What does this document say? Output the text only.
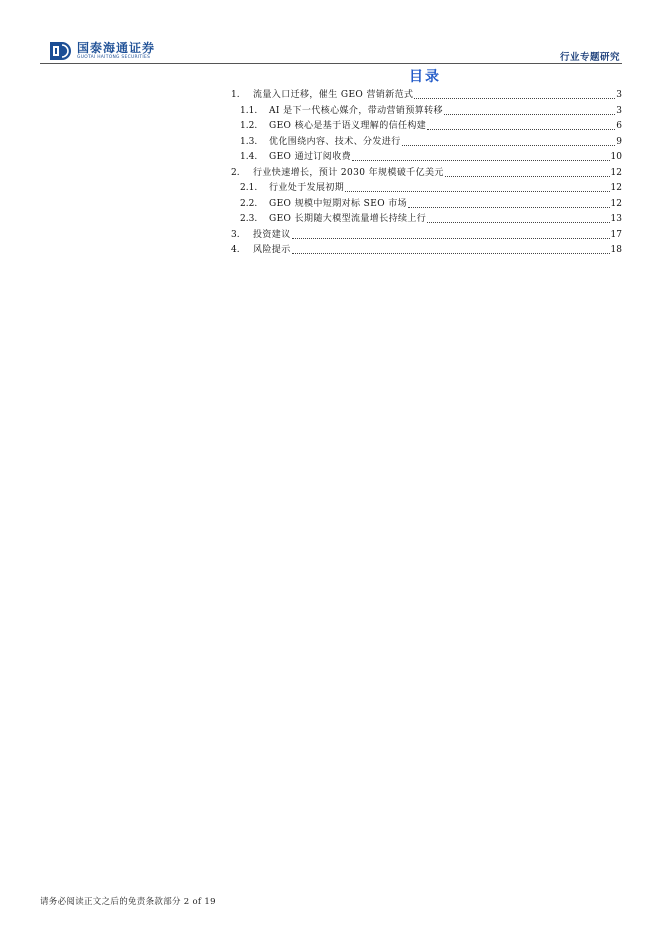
国泰海通证券
GUOTAI HAITONG SECURITIES	行业专题研究
目录
1.	流量入口迁移，催生 GEO 营销新范式	3
1.1.	AI 是下一代核心媒介，带动营销预算转移	3
1.2.	GEO 核心是基于语义理解的信任构建	6
1.3.	优化围绕内容、技术、分发进行	9
1.4.	GEO 通过订阅收费	10
2.	行业快速增长，预计 2030 年规模破千亿美元	12
2.1.	行业处于发展初期	12
2.2.	GEO 规模中短期对标 SEO 市场	12
2.3.	GEO 长期随大模型流量增长持续上行	13
3.	投资建议	17
4.	风险提示	18
请务必阅读正文之后的免责条款部分 2 of 19
